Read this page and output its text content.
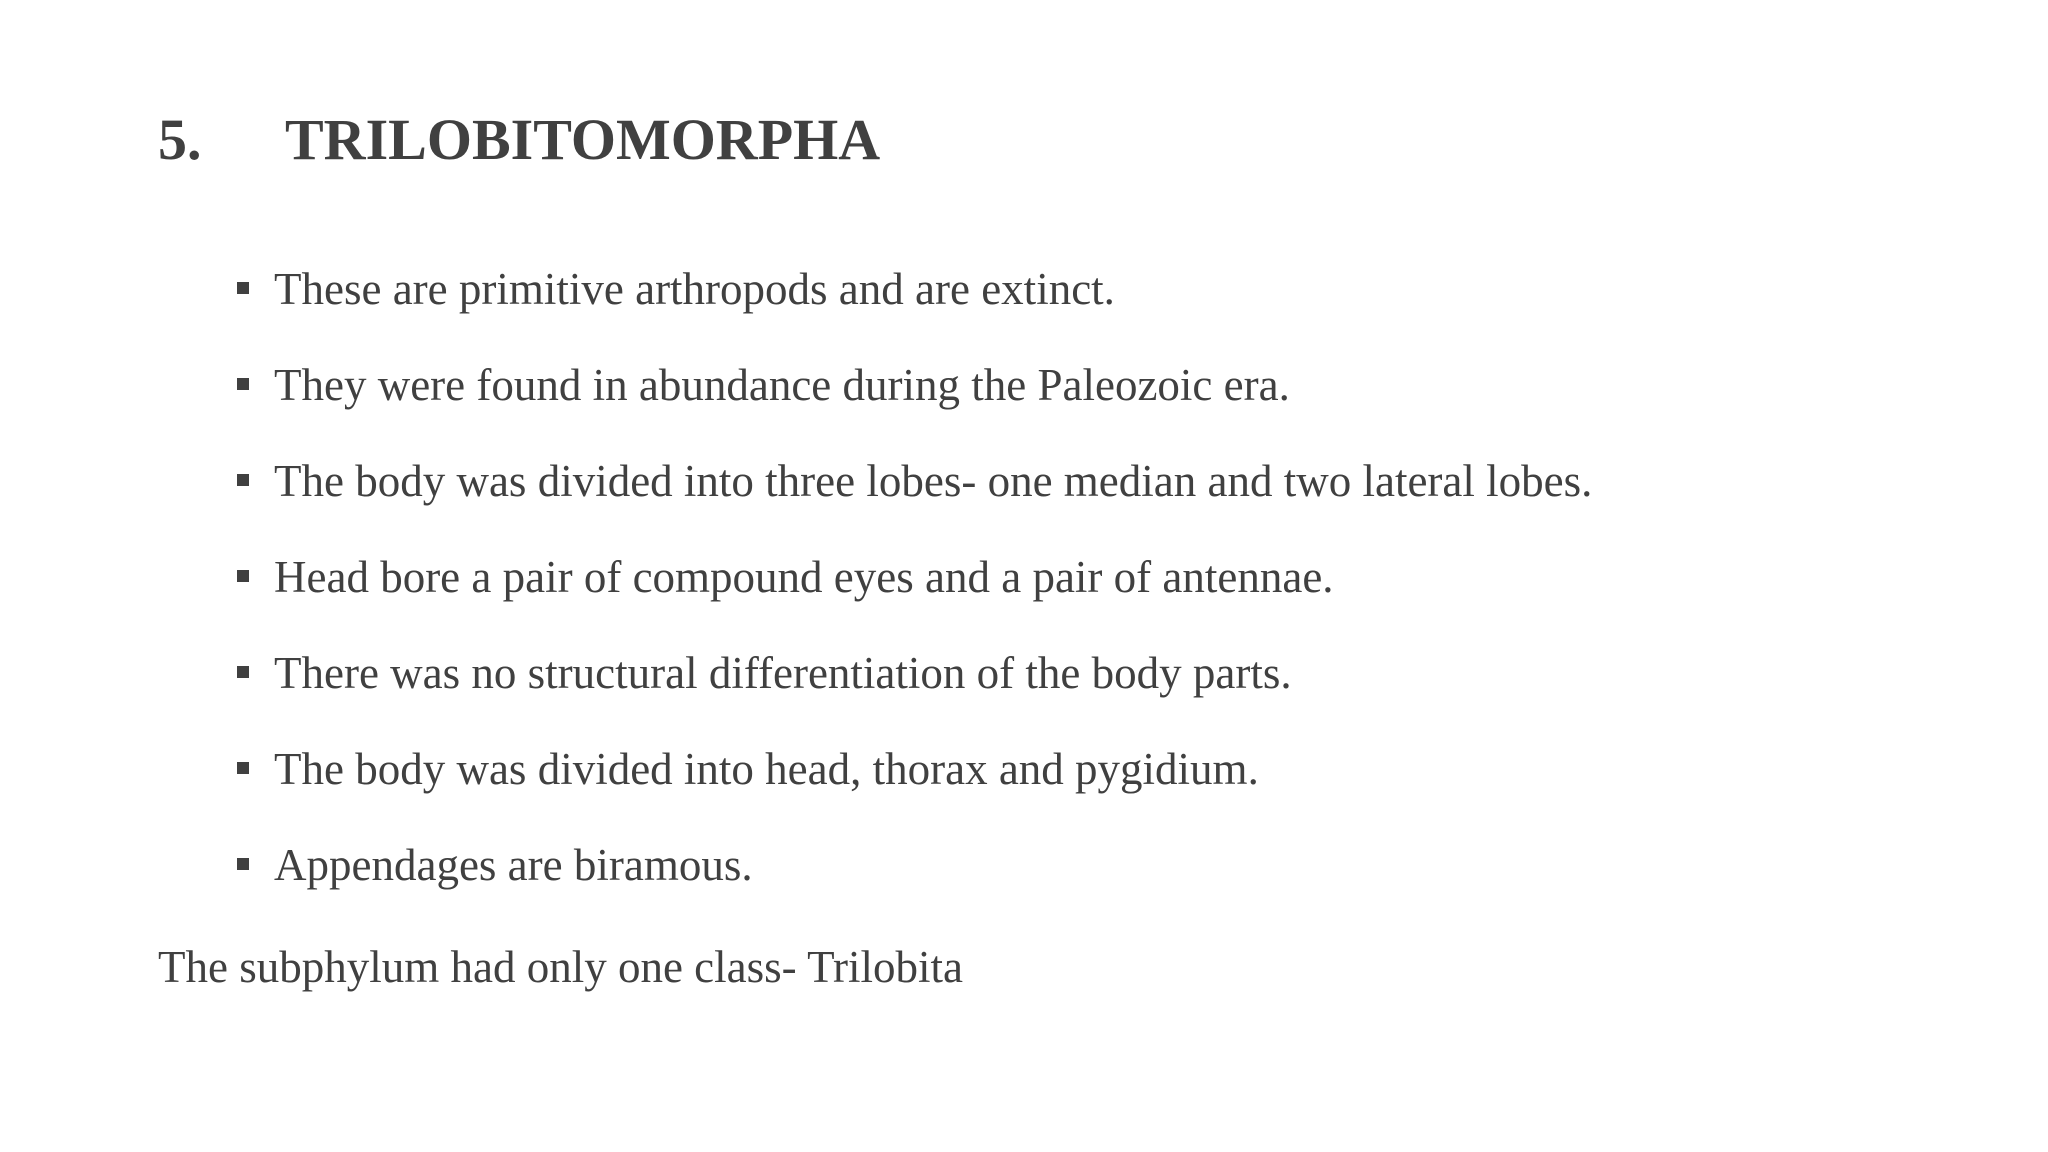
5. TRILOBITOMORPHA
These are primitive arthropods and are extinct.
They were found in abundance during the Paleozoic era.
The body was divided into three lobes- one median and two lateral lobes.
Head bore a pair of compound eyes and a pair of antennae.
There was no structural differentiation of the body parts.
The body was divided into head, thorax and pygidium.
Appendages are biramous.

The subphylum had only one class- Trilobita
